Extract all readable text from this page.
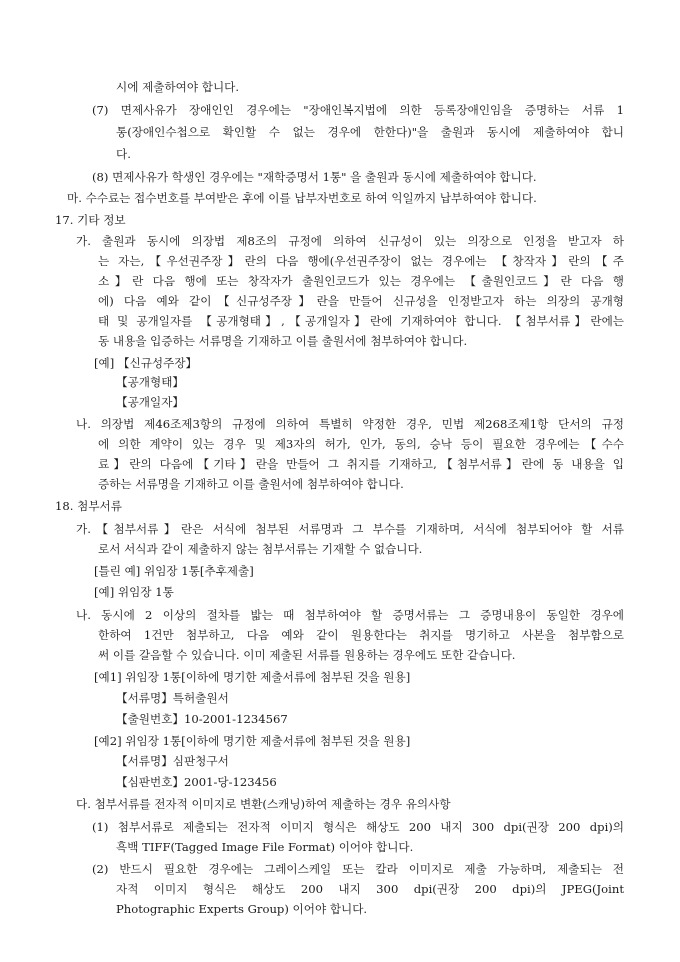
시에 제출하여야 합니다.
(7) 면제사유가 장애인인 경우에는 "장애인복지법에 의한 등록장애인임을 증명하는 서류 1
통(장애인수첩으로 확인할 수 없는 경우에 한한다)"을 출원과 동시에 제출하여야 합니
다.
(8) 면제사유가 학생인 경우에는 "재학증명서 1통" 을 출원과 동시에 제출하여야 합니다.
마. 수수료는 접수번호를 부여받은 후에 이를 납부자번호로 하여 익일까지 납부하여야 합니다.
17. 기타 정보
가. 출원과 동시에 의장법 제8조의 규정에 의하여 신규성이 있는 의장으로 인정을 받고자 하
는 자는,【우선권주장】란의 다음 행에(우선권주장이 없는 경우에는 【창작자】란의【주
소】란 다음 행에 또는 창작자가 출원인코드가 있는 경우에는 【출원인코드】란 다음 행
에) 다음 예와 같이【신규성주장】란을 만들어 신규성을 인정받고자 하는 의장의 공개형
태 및 공개일자를 【공개형태】,【공개일자】란에 기재하여야 합니다. 【첨부서류】란에는
동 내용을 입증하는 서류명을 기재하고 이를 출원서에 첨부하여야 합니다.
[예] 【신규성주장】
【공개형태】
【공개일자】
나. 의장법 제46조제3항의 규정에 의하여 특별히 약정한 경우, 민법 제268조제1항 단서의 규정
에 의한 계약이 있는 경우 및 제3자의 허가, 인가, 동의, 승낙 등이 필요한 경우에는【수수
료】란의 다음에【기타】란을 만들어 그 취지를 기재하고,【첨부서류】란에 동 내용을 입
증하는 서류명을 기재하고 이를 출원서에 첨부하여야 합니다.
18. 첨부서류
가.【첨부서류】란은 서식에 첨부된 서류명과 그 부수를 기재하며, 서식에 첨부되어야 할 서류
로서 서식과 같이 제출하지 않는 첨부서류는 기재할 수 없습니다.
[틀린 예] 위임장 1통[추후제출]
[예] 위임장 1통
나. 동시에 2 이상의 절차를 밟는 때 첨부하여야 할 증명서류는 그 증명내용이 동일한 경우에
한하여 1건만 첨부하고, 다음 예와 같이 원용한다는 취지를 명기하고 사본을 첨부함으로
써 이를 갈음할 수 있습니다. 이미 제출된 서류를 원용하는 경우에도 또한 같습니다.
[예1] 위임장 1통[이하에 명기한 제출서류에 첨부된 것을 원용]
【서류명】특허출원서
【출원번호】10-2001-1234567
[예2] 위임장 1통[이하에 명기한 제출서류에 첨부된 것을 원용]
【서류명】심판청구서
【심판번호】2001-당-123456
다. 첨부서류를 전자적 이미지로 변환(스캐닝)하여 제출하는 경우 유의사항
(1) 첨부서류로 제출되는 전자적 이미지 형식은 해상도 200 내지 300 dpi(권장 200 dpi)의
흑백 TIFF(Tagged Image File Format) 이어야 합니다.
(2) 반드시 필요한 경우에는 그레이스케일 또는 칼라 이미지로 제출 가능하며, 제출되는 전
자적 이미지 형식은 해상도 200 내지 300 dpi(권장 200 dpi)의 JPEG(Joint
Photographic Experts Group) 이어야 합니다.
